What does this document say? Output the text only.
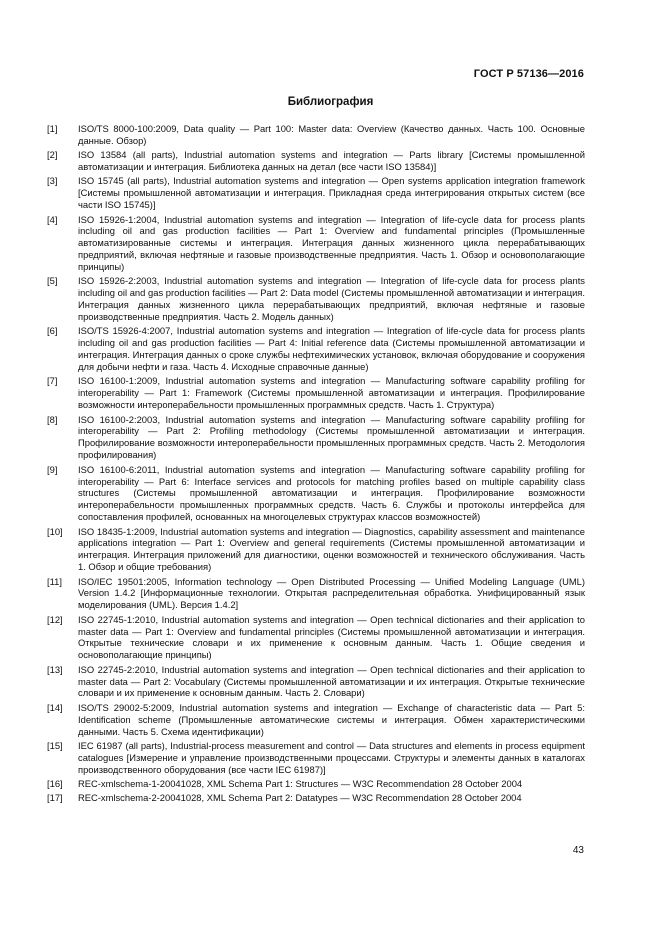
ГОСТ Р 57136—2016
Библиография
[1]	ISO/TS 8000-100:2009, Data quality — Part 100: Master data: Overview (Качество данных. Часть 100. Основные данные. Обзор)
[2]	ISO 13584 (all parts), Industrial automation systems and integration — Parts library [Системы промышленной автоматизации и интеграция. Библиотека данных на детал (все части ISO 13584)]
[3]	ISO 15745 (all parts), Industrial automation systems and integration — Open systems application integration framework [Системы промышленной автоматизации и интеграция. Прикладная среда интегрирования открытых систем (все части ISO 15745)]
[4]	ISO 15926-1:2004, Industrial automation systems and integration — Integration of life-cycle data for process plants including oil and gas production facilities — Part 1: Overview and fundamental principles (Промышленные автоматизированные системы и интеграция. Интеграция данных жизненного цикла перерабатывающих предприятий, включая нефтяные и газовые производственные предприятия. Часть 1. Обзор и основополагающие принципы)
[5]	ISO 15926-2:2003, Industrial automation systems and integration — Integration of life-cycle data for process plants including oil and gas production facilities — Part 2: Data model (Системы промышленной автоматизации и интеграция. Интеграция данных жизненного цикла перерабатывающих предприятий, включая нефтяные и газовые производственные предприятия. Часть 2. Модель данных)
[6]	ISO/TS 15926-4:2007, Industrial automation systems and integration — Integration of life-cycle data for process plants including oil and gas production facilities — Part 4: Initial reference data (Системы промышленной автоматизации и интеграция. Интеграция данных о сроке службы нефтехимических установок, включая оборудование и сооружения для добычи нефти и газа. Часть 4. Исходные справочные данные)
[7]	ISO 16100-1:2009, Industrial automation systems and integration — Manufacturing software capability profiling for interoperability — Part 1: Framework (Системы промышленной автоматизации и интеграция. Профилирование возможности интероперабельности промышленных программных средств. Часть 1. Структура)
[8]	ISO 16100-2:2003, Industrial automation systems and integration — Manufacturing software capability profiling for interoperability — Part 2: Profiling methodology (Системы промышленной автоматизации и интеграция. Профилирование возможности интероперабельности промышленных программных средств. Часть 2. Методология профилирования)
[9]	ISO 16100-6:2011, Industrial automation systems and integration — Manufacturing software capability profiling for interoperability — Part 6: Interface services and protocols for matching profiles based on multiple capability class structures (Системы промышленной автоматизации и интеграция. Профилирование возможности интероперабельности промышленных программных средств. Часть 6. Службы и протоколы интерфейса для сопоставления профилей, основанных на многоцелевых структурах классов возможностей)
[10]	ISO 18435-1:2009, Industrial automation systems and integration — Diagnostics, capability assessment and maintenance applications integration — Part 1: Overview and general requirements (Системы промышленной автоматизации и интеграция. Интеграция приложений для диагностики, оценки возможностей и технического обслуживания. Часть 1. Обзор и общие требования)
[11]	ISO/IEC 19501:2005, Information technology — Open Distributed Processing — Unified Modeling Language (UML) Version 1.4.2 [Информационные технологии. Открытая распределительная обработка. Унифицированный язык моделирования (UML). Версия 1.4.2]
[12]	ISO 22745-1:2010, Industrial automation systems and integration — Open technical dictionaries and their application to master data — Part 1: Overview and fundamental principles (Системы промышленной автоматизации и интеграция. Открытые технические словари и их применение к основным данным. Часть 1. Общие сведения и основополагающие принципы)
[13]	ISO 22745-2:2010, Industrial automation systems and integration — Open technical dictionaries and their application to master data — Part 2: Vocabulary (Системы промышленной автоматизации и их интеграция. Открытые технические словари и их применение к основным данным. Часть 2. Словари)
[14]	ISO/TS 29002-5:2009, Industrial automation systems and integration — Exchange of characteristic data — Part 5: Identification scheme (Промышленные автоматические системы и интеграция. Обмен характеристическими данными. Часть 5. Схема идентификации)
[15]	IEC 61987 (all parts), Industrial-process measurement and control — Data structures and elements in process equipment catalogues [Измерение и управление производственными процессами. Структуры и элементы данных в каталогах производственного оборудования (все части IEC 61987)]
[16]	REC-xmlschema-1-20041028, XML Schema Part 1: Structures — W3C Recommendation 28 October 2004
[17]	REC-xmlschema-2-20041028, XML Schema Part 2: Datatypes — W3C Recommendation 28 October 2004
43
